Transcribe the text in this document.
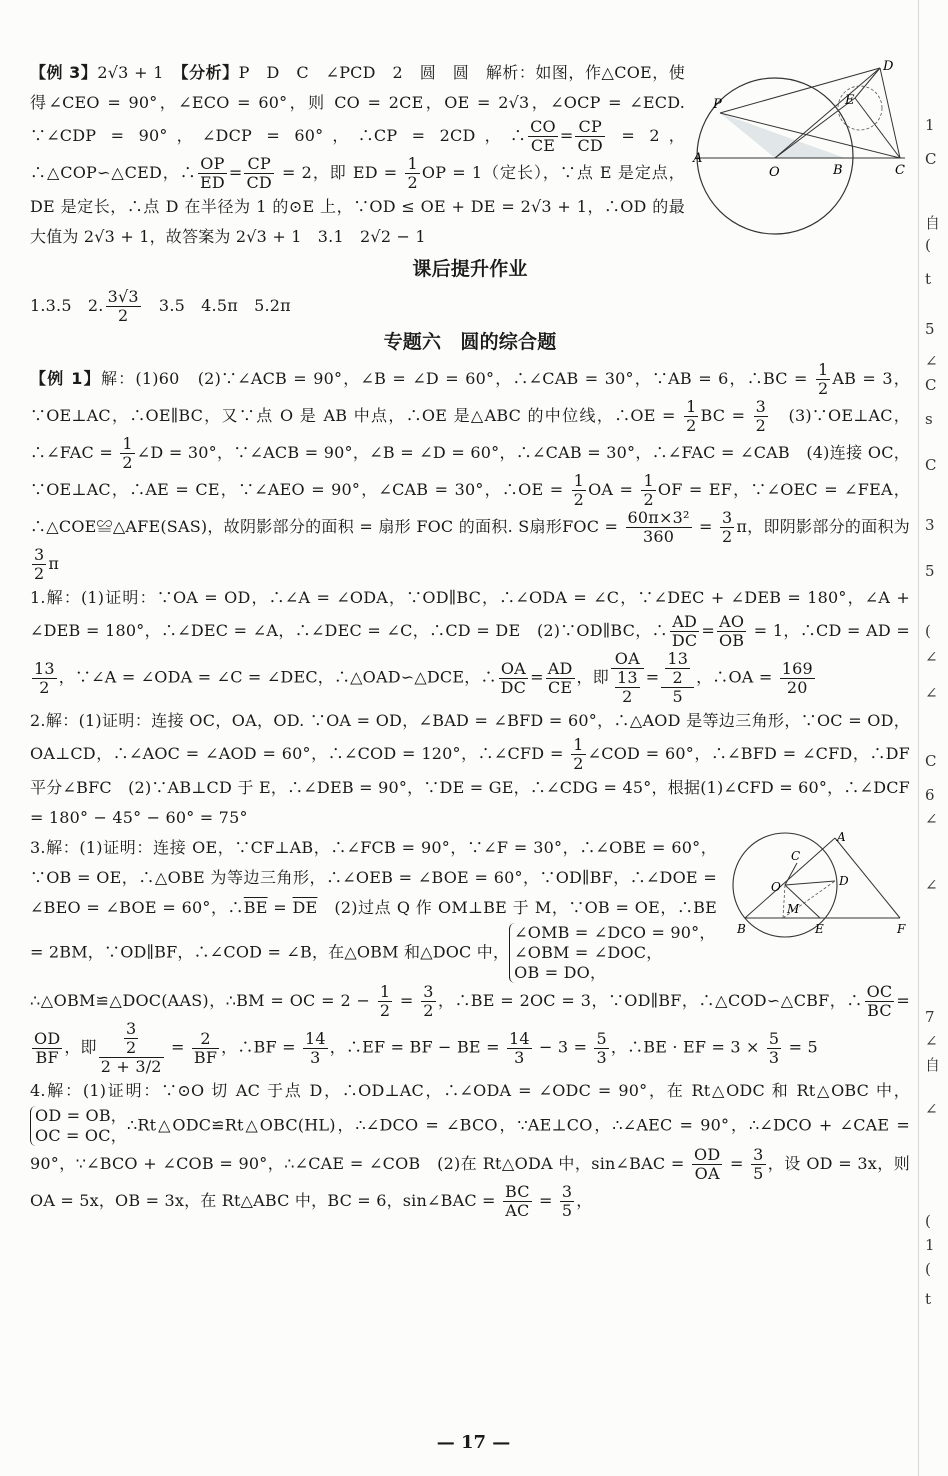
P
D
E
A
O	B	C

【例 3】2√3 + 1　 【分析】P　D　C　∠PCD　2　圆　圆　解析：如图，作△COE，使得∠CEO = 90°，∠ECO = 60°，则 CO = 2CE，OE = 2√3，∠OCP = ∠ECD. ∵∠CDP = 90°，∠DCP = 60°，∴CP = 2CD，∴ $\frac{CO}{CE} = \frac{CP}{CD} = 2$，∴△COP∽△CED，∴ $\frac{OP}{ED} = \frac{CP}{CD} = 2$，即 ED = $\frac{1}{2}$ OP = 1（定长），∵点 E 是定点，DE 是定长，∴点 D 在半径为 1 的⊙E 上，∵OD ≤ OE + DE = 2√3 + 1，∴OD 的最大值为 2√3 + 1，故答案为 2√3 + 1　3.1　2√2 − 1

课后提升作业

1.3.5　2. $\frac{3√3}{2}$ 　3.5　4.5π　5.2π

专题六　圆的综合题

【例 1】解：(1)60　(2)∵∠ACB = 90°，∠B = ∠D = 60°，∴∠CAB = 30°，∵AB = 6，∴BC = $\frac{1}{2}$ AB = 3，∵OE⊥AC，∴OE∥BC，又∵点 O 是 AB 中点，∴OE 是△ABC 的中位线，∴OE = $\frac{1}{2}$ BC = $\frac{3}{2}$ 　(3)∵OE⊥AC，∴∠FAC = $\frac{1}{2}$ ∠D = 30°，∵∠ACB = 90°，∠B = ∠D = 60°，∴∠CAB = 30°，∴∠FAC = ∠CAB　(4)连接 OC，∵OE⊥AC，∴AE = CE，∵∠AEO = 90°，∠CAB = 30°，∴OE = $\frac{1}{2}$ OA = $\frac{1}{2}$ OF = EF，∵∠OEC = ∠FEA，∴△COE≌△AFE(SAS)，故阴影部分的面积 = 扇形 FOC 的面积. S扇形FOC = $\frac{\text{60π×3²}}{360} = \frac{3}{2}$ π，即阴影部分的面积为
$\frac{3}{2}$ π

1.解：(1)证明：∵OA = OD，∴∠A = ∠ODA，∵OD∥BC，∴∠ODA = ∠C，∵∠DEC + ∠DEB = 180°，∠A + ∠DEB = 180°，∴∠DEC = ∠A，∴∠DEC = ∠C，∴CD = DE　(2)∵OD∥BC，∴ $\frac{AD}{DC} = \frac{AO}{OB} = 1$，∴CD = AD =
$\frac{13}{2}$ ，∵∠A = ∠ODA = ∠C = ∠DEC，∴△OAD∽△DCE，∴ $\frac{OA}{DC} = \frac{AD}{CE}$ ，即 $\frac{OA}{\frac{13}{2}} = \frac{\frac{13}{2}}{5}$ ，∴OA = $\frac{169}{20}$

2.解：(1)证明：连接 OC，OA，OD. ∵OA = OD，∠BAD = ∠BFD = 60°，∴△AOD 是等边三角形，∵OC = OD，OA⊥CD，∴∠AOC = ∠AOD = 60°，∴∠COD = 120°，∴∠CFD = $\frac{1}{2}$ ∠COD = 60°，∴∠BFD = ∠CFD，∴DF 平分∠BFC　(2)∵AB⊥CD 于 E，∴∠DEB = 90°，∵DE = GE，∴∠CDG = 45°，根据(1)∠CFD = 60°，∴∠DCF = 180° − 45° − 60° = 75°

A
C
O	D
M
B	E	F

3.解：(1)证明：连接 OE，∵CF⊥AB，∴∠FCB = 90°，∵∠F = 30°，∴∠OBE = 60°，∵OB = OE，∴△OBE 为等边三角形，∴∠OEB = ∠BOE = 60°，∵OD∥BF，∴∠DOE = ∠BEO = ∠BOE = 60°，$\therefore\overline{BE} = \overline{DE}$　(2)过点 Q 作 OM⊥BE 于 M，∵OB = OE，∴BE = 2BM，∵OD∥BF，∴∠COD = ∠B，在△OBM 和△DOC 中，
∠OMB = ∠DCO = 90°，
∠OBM = ∠DOC，
OB = DO，

∴△OBM≌△DOC(AAS)，∴BM = OC = $2 - \frac{1}{2} = \frac{3}{2}$ ，∴BE = 2OC = 3，∵OD∥BF，∴△COD∽△CBF，∴ $\frac{OC}{BC}$ =
$\frac{OD}{BF}$ ，即 $\frac{\frac{3}{2}}{2 + 3/2} = \frac{2}{BF}$ ，∴BF = $\frac{14}{3}$ ，∴EF = BF − BE = $\frac{14}{3} - 3 = \frac{5}{3}$ ，∴BE · EF = $3 \times \frac{5}{3} = 5$

4.解：(1)证明：∵⊙O 切 AC 于点 D，∴OD⊥AC，∴∠ODA = ∠ODC = 90°，在 Rt△ODC 和 Rt△OBC 中，
OD = OB，
OC = OC，
∴Rt△ODC≌Rt△OBC(HL)，∴∠DCO = ∠BCO，∵AE⊥CO，∴∠AEC = 90°，∴∠DCO + ∠CAE = 90°，∵∠BCO + ∠COB = 90°，∴∠CAE = ∠COB　(2)在 Rt△ODA 中，sin∠BAC = $\frac{OD}{OA} = \frac{3}{5}$ ，设 OD = 3x，则 OA = 5x，OB = 3x，在 Rt△ABC 中，BC = 6，sin∠BAC = $\frac{BC}{AC} = \frac{3}{5}$ ，

1
C
自
(
t
5
∠
C
s
C
3
5
(
∠
∠
C
6
∠
∠
7
∠
自
∠
(
1
(
t
— 17 —
